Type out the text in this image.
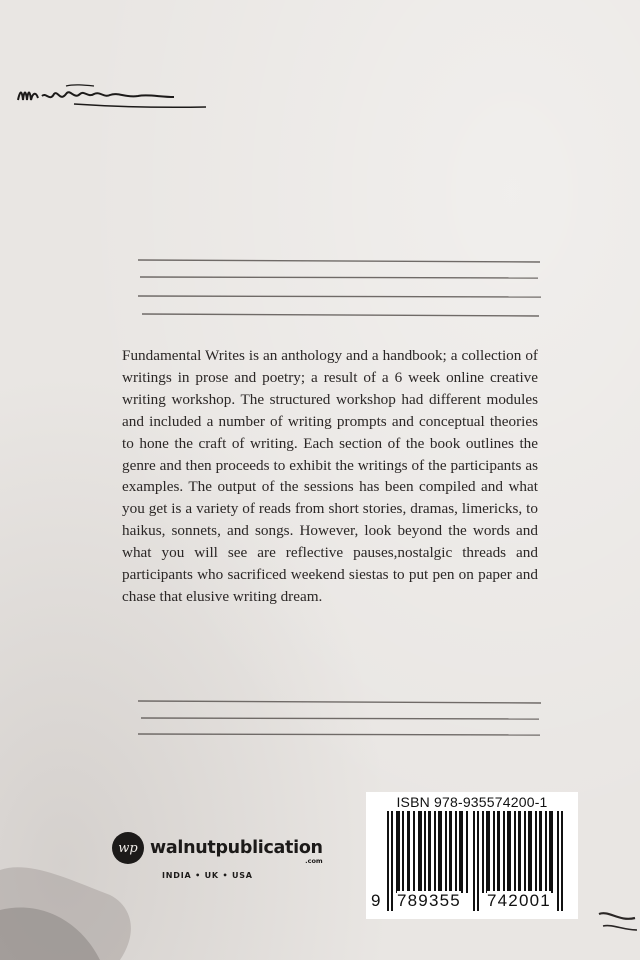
Fundamental Writes is an anthology and a handbook; a collection of writings in prose and poetry; a result of a 6 week online creative writing workshop. The structured workshop had different modules and included a number of writing prompts and conceptual theories to hone the craft of writing. Each section of the book outlines the genre and then proceeds to exhibit the writings of the participants as examples. The output of the sessions has been compiled and what you get is a variety of reads from short stories, dramas, limericks, to haikus, sonnets, and songs. However, look beyond the words and what you will see are reflective pauses,nostalgic threads and participants who sacrificed weekend siestas to put pen on paper and chase that elusive writing dream.

wp walnutpublication
.com
INDIA • UK • USA
ISBN 978-935574200-1
9 789355 742001
